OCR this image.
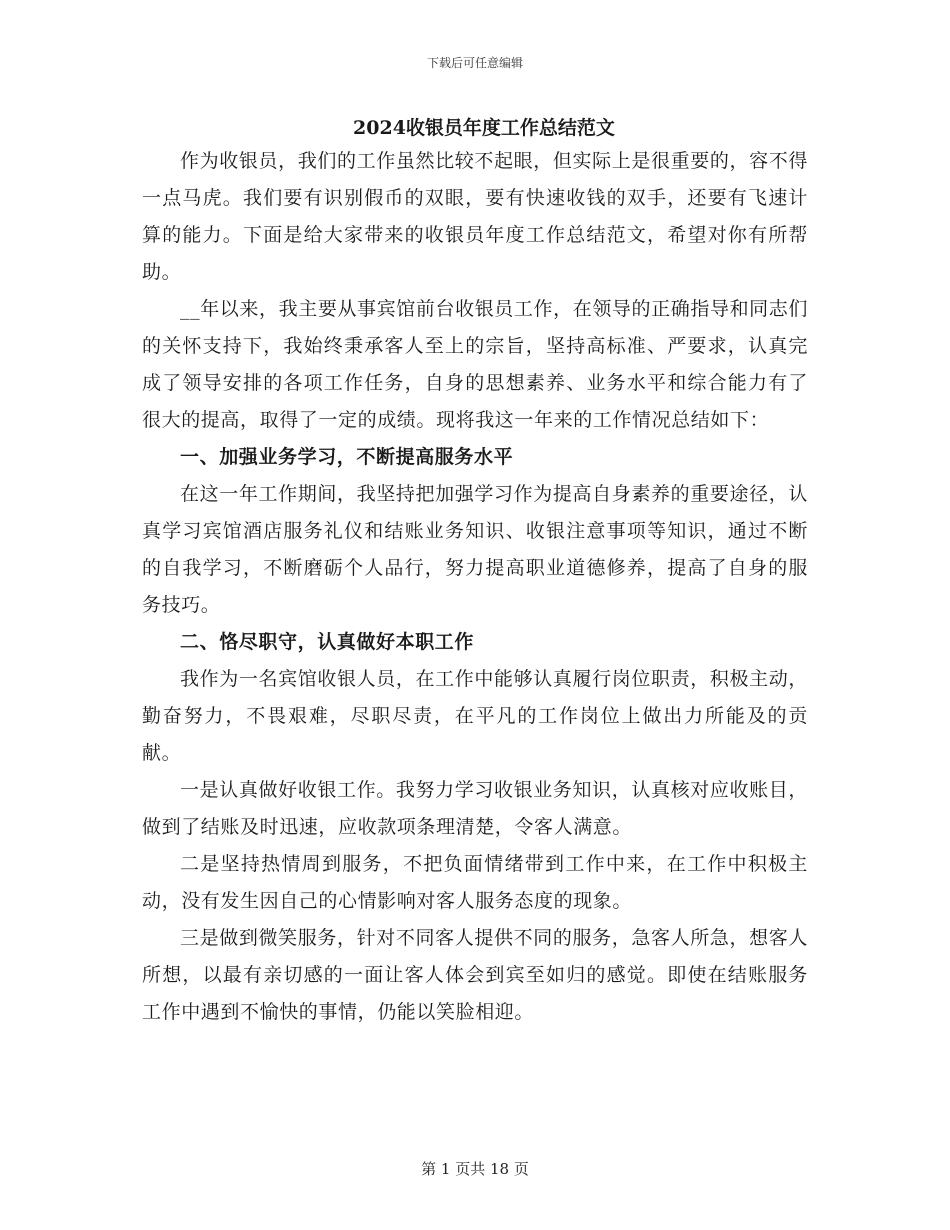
下载后可任意编辑
2024收银员年度工作总结范文

作为收银员，我们的工作虽然比较不起眼，但实际上是很重要的，容不得一点马虎。我们要有识别假币的双眼，要有快速收钱的双手，还要有飞速计算的能力。下面是给大家带来的收银员年度工作总结范文，希望对你有所帮助。

__年以来，我主要从事宾馆前台收银员工作，在领导的正确指导和同志们的关怀支持下，我始终秉承客人至上的宗旨，坚持高标准、严要求，认真完成了领导安排的各项工作任务，自身的思想素养、业务水平和综合能力有了很大的提高，取得了一定的成绩。现将我这一年来的工作情况总结如下：

一、加强业务学习，不断提高服务水平

在这一年工作期间，我坚持把加强学习作为提高自身素养的重要途径，认真学习宾馆酒店服务礼仪和结账业务知识、收银注意事项等知识，通过不断的自我学习，不断磨砺个人品行，努力提高职业道德修养，提高了自身的服务技巧。

二、恪尽职守，认真做好本职工作

我作为一名宾馆收银人员，在工作中能够认真履行岗位职责，积极主动，勤奋努力，不畏艰难，尽职尽责，在平凡的工作岗位上做出力所能及的贡献。

一是认真做好收银工作。我努力学习收银业务知识，认真核对应收账目，做到了结账及时迅速，应收款项条理清楚，令客人满意。

二是坚持热情周到服务，不把负面情绪带到工作中来，在工作中积极主动，没有发生因自己的心情影响对客人服务态度的现象。

三是做到微笑服务，针对不同客人提供不同的服务，急客人所急，想客人所想，以最有亲切感的一面让客人体会到宾至如归的感觉。即使在结账服务工作中遇到不愉快的事情，仍能以笑脸相迎。

第 1 页共 18 页
